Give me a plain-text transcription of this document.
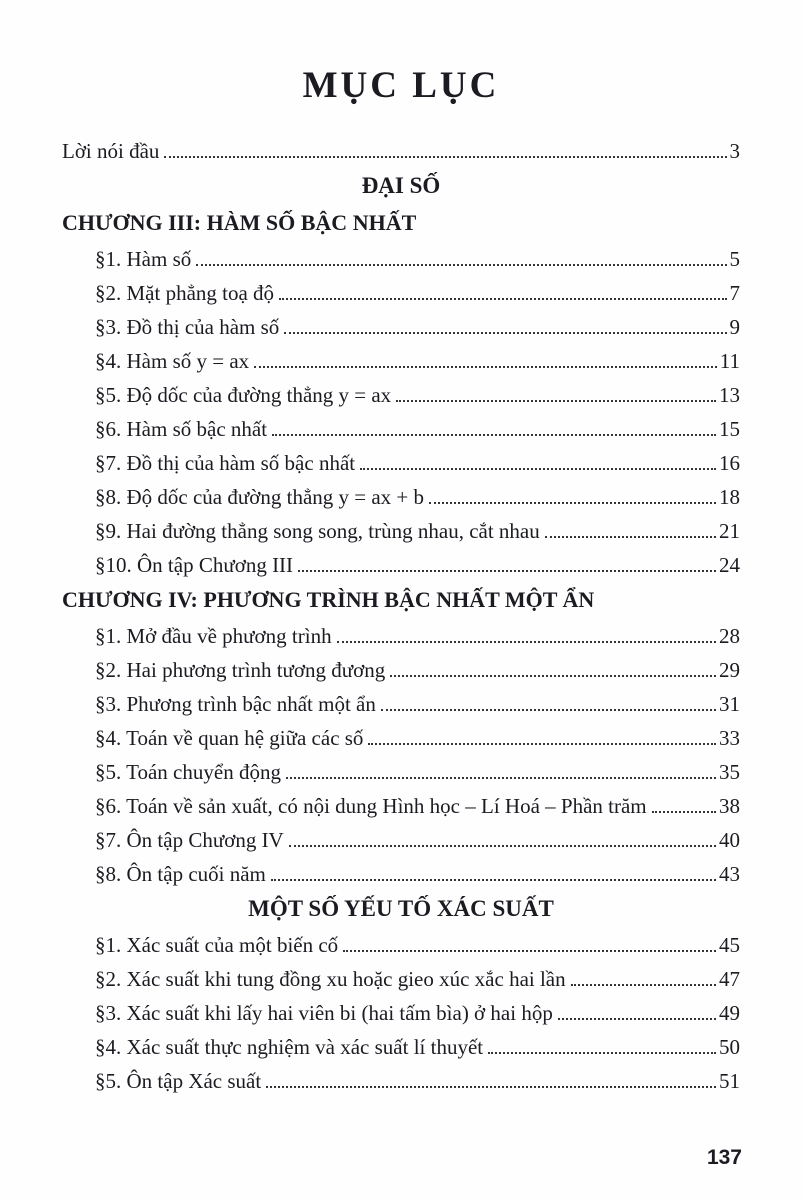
MỤC LỤC
Lời nói đầu	3
ĐẠI SỐ
CHƯƠNG III: HÀM SỐ BẬC NHẤT
§1. Hàm số	5
§2. Mặt phẳng toạ độ	7
§3. Đồ thị của hàm số	9
§4. Hàm số y = ax	11
§5. Độ dốc của đường thẳng y = ax	13
§6. Hàm số bậc nhất	15
§7. Đồ thị của hàm số bậc nhất	16
§8. Độ dốc của đường thẳng y = ax + b	18
§9. Hai đường thẳng song song, trùng nhau, cắt nhau	21
§10. Ôn tập Chương III	24
CHƯƠNG IV: PHƯƠNG TRÌNH BẬC NHẤT MỘT ẨN
§1. Mở đầu về phương trình	28
§2. Hai phương trình tương đương	29
§3. Phương trình bậc nhất một ẩn	31
§4. Toán về quan hệ giữa các số	33
§5. Toán chuyển động	35
§6. Toán về sản xuất, có nội dung Hình học – Lí Hoá – Phần trăm	38
§7. Ôn tập Chương IV	40
§8. Ôn tập cuối năm	43
MỘT SỐ YẾU TỐ XÁC SUẤT
§1. Xác suất của một biến cố	45
§2. Xác suất khi tung đồng xu hoặc gieo xúc xắc hai lần	47
§3. Xác suất khi lấy hai viên bi (hai tấm bìa) ở hai hộp	49
§4. Xác suất thực nghiệm và xác suất lí thuyết	50
§5. Ôn tập Xác suất	51
137
